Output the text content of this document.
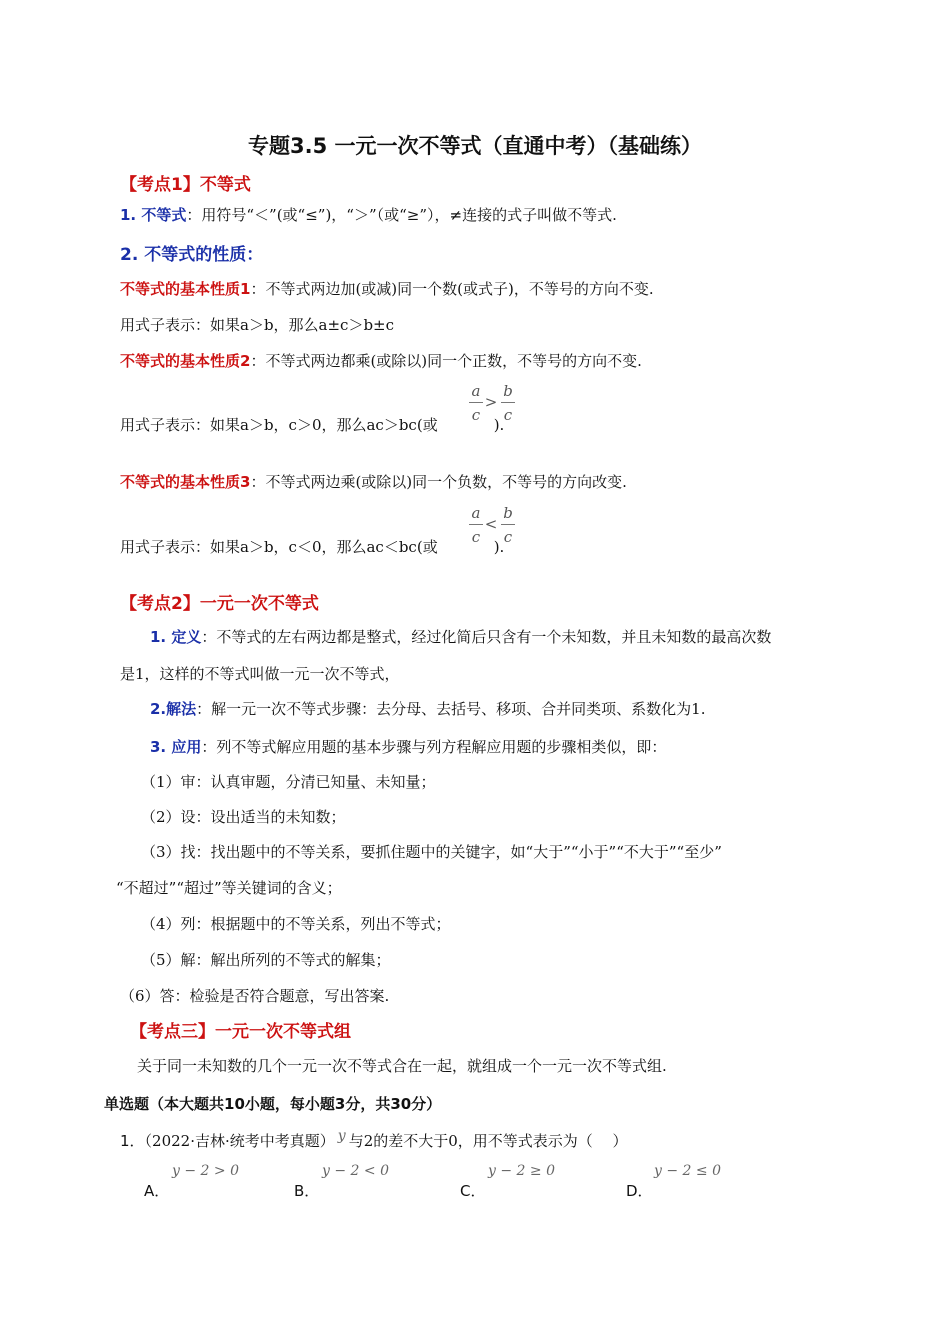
专题3.5 一元一次不等式（直通中考）（基础练）
【考点1】不等式
1. 不等式：用符号“＜”(或“≤”)，“＞”（或“≥”），≠连接的式子叫做不等式.
2. 不等式的性质：
不等式的基本性质1：不等式两边加(或减)同一个数(或式子)，不等号的方向不变.
用式子表示：如果a＞b，那么a±c＞b±c
不等式的基本性质2：不等式两边都乘(或除以)同一个正数，不等号的方向不变.
用式子表示：如果a＞b，c＞0，那么ac＞bc(或	).
a
c
>
b
c
不等式的基本性质3：不等式两边乘(或除以)同一个负数，不等号的方向改变.
用式子表示：如果a＞b，c＜0，那么ac＜bc(或	).
a
c
<
b
c
【考点2】一元一次不等式
1. 定义：不等式的左右两边都是整式，经过化简后只含有一个未知数，并且未知数的最高次数
是1，这样的不等式叫做一元一次不等式，
2.解法：解一元一次不等式步骤：去分母、去括号、移项、合并同类项、系数化为1.
3. 应用：列不等式解应用题的基本步骤与列方程解应用题的步骤相类似，即：
（1）审：认真审题，分清已知量、未知量；
（2）设：设出适当的未知数；
（3）找：找出题中的不等关系，要抓住题中的关键字，如“大于”“小于”“不大于”“至少”
“不超过”“超过”等关键词的含义；
（4）列：根据题中的不等关系，列出不等式；
（5）解：解出所列的不等式的解集；
（6）答：检验是否符合题意，写出答案.
【考点三】一元一次不等式组
关于同一未知数的几个一元一次不等式合在一起，就组成一个一元一次不等式组.
单选题（本大题共10小题，每小题3分，共30分）
1．（2022·吉林·统考中考真题） y 与2的差不大于0，用不等式表示为（　 ）
A．
y − 2 > 0
B．
y − 2 < 0
C．
y − 2 ≥ 0
D．
y − 2 ≤ 0
